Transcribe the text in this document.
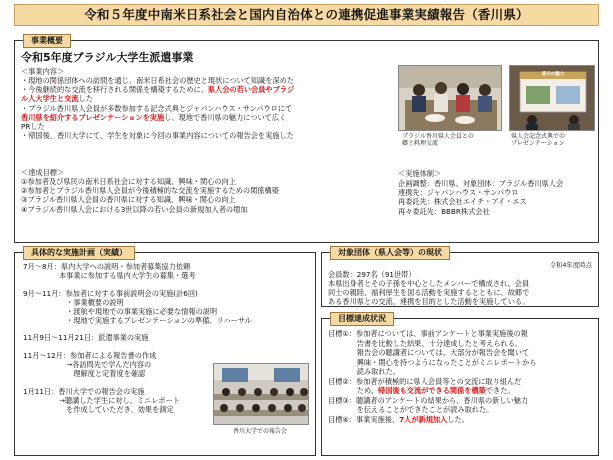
令和５年度中南米日系社会と国内自治体との連携促進事業実績報告（香川県）
事業概要
令和5年度ブラジル大学生派遣事業
＜事業内容＞
・現地の関係団体への訪問を通じ、南米日系社会の歴史と現状について知識を深めた
・今後継続的な交流を移行される関係を構築するために、県人会の若い会員やブラジ
ル人大学生と交流した
・ブラジル香川県人会員が多数参加する記念式典とジャパンハウス・サンパウロにて
香川県を紹介するプレゼンテーションを実施し、現地で香川県の魅力について広く
PRした
・帰国後、香川大学にて、学生を対象に今回の事業内容についての報告会を実施した
＜達成目標＞
①参加者及び県民の南米日系社会に対する知識、興味・関心の向上
②参加者とブラジル香川県人会員が今後積極的な交流を実施するための関係構築
③ブラジル香川県人会員の香川県に対する知識、興味・関心の向上
④ブラジル香川県人会における3世以降の若い会員の新規加入者の増加
ブラジル香川県人会員との
郷土料理交流
香川の魅力
県人会記念式典での
プレゼンテーション
＜実施体制＞
企画調整：香川県、対象団体：ブラジル香川県人会
連携先：ジャパンハウス・サンパウロ
再委託先：株式会社エイチ・アイ・エス
再々委託先：BBBR株式会社
具体的な実施計画（実績）
7月～8月：県内大学への説明・参加者募集協力依頼
　　　　　本事業に参加する県内大学生の募集・選考

9月～11月：参加者に対する事前説明会の実施(計6回)
　　　　　　・事業概要の説明
　　　　　　・渡航や現地での事業実施に必要な情報の説明
　　　　　　・現地で実施するプレゼンテーションの準備、リハーサル

11月9日～11月21日：派遣事業の実施

11月～12月：参加者による報告書の作成
　　　　　　→各訪問先で学んだ内容の
　　　　　　　理解度と定着度を確認

1月11日：香川大学での報告会の実施
　　　　　→聴講した学生に対し、ミニレポート
　　　　　　を作成していただき、効果を測定
香川大学での報告会
対象団体（県人会等）の現状
令和4年度時点
会員数：297名（91世帯）
本県出身者とその子孫を中心としたメンバーで構成され、会員
同士の親睦、福利厚生を図る活動を実施するとともに、故郷で
ある香川県との交流、連携を目的とした活動を実施している。
目標達成状況
目標①：参加者については、事前アンケートと事業実施後の報
　　　　告書を比較した結果、十分達成したと考えられる。
　　　　報告会の聴講者については、大部分が報告会を聞いて
　　　　興味・関心を持つようになったことがミニレポートから
　　　　読み取れた。
目標②：参加者が積極的に県人会員等との交流に取り組んだ
　　　　ため、帰国後も交流ができる関係を構築できた。
目標③：聴講者のアンケートの結果から、香川県の新しい魅力
　　　　を伝えることができたことが読み取れた。
目標④：事業実施後、7人が新規加入した。
